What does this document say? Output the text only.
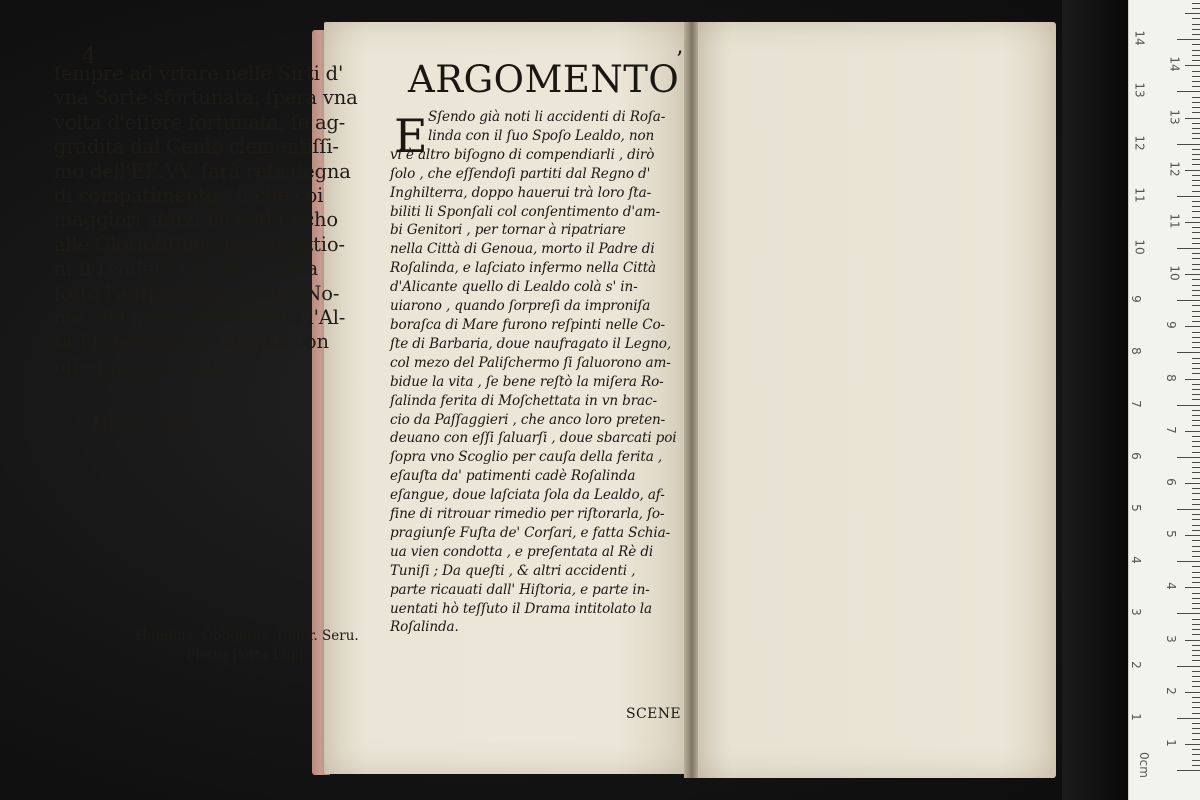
4
ſempre ad vrtare nelle Sirti d'
vna Sorte sfortunata, ſpera vna
volta d'eſſere fortunata, ſe ag-
gradita dal Genio clementiſſi-
mo dell'EE.VV. ſarà reſa degna
di compatimento , ſi che coi
maggiori sforzi facendo Echo
alle Glorioſiſſime Inuitte attio-
ni ſi renderà via più famoſa
ſotto l'auſpicatiſsimo loro No-
me, del quale implorando l'Al-
ta Protettione ſi raſegna con
oſſequio profondo
Di VV. EE.
Humiliſs. Obligatiſs. Riuer. Seru.
Pietro Porta Lupi.
ARGOMENTO
’
E Sſendo già noti li accidenti di Roſa-
linda con il ſuo Spoſo Lealdo, non
vi è altro biſogno di compendiarli , dirò
ſolo , che eſſendoſi partiti dal Regno d'
Inghilterra, doppo hauerui trà loro ſta-
biliti li Sponſali col conſentimento d'am-
bi Genitori , per tornar à ripatriare
nella Città di Genoua, morto il Padre di
Roſalinda, e laſciato infermo nella Città
d'Alicante quello di Lealdo colà s' in-
uiarono , quando ſorpreſi da improniſa
boraſca di Mare furono reſpinti nelle Co-
ſte di Barbaria, doue naufragato il Legno,
col mezo del Paliſchermo ſi ſaluorono am-
bidue la vita , ſe bene reſtò la miſera Ro-
ſalinda ferita di Moſchettata in vn brac-
cio da Paſſaggieri , che anco loro preten-
deuano con eſſi ſaluarſi , doue sbarcati poi
ſopra vno Scoglio per cauſa della ferita ,
eſauſta da' patimenti cadè Roſalinda
eſangue, doue laſciata ſola da Lealdo, af-
fine di ritrouar rimedio per riſtorarla, ſo-
pragiunſe Fuſta de' Corſari, e fatta Schia-
ua vien condotta , e preſentata al Rè di
Tuniſi ; Da queſti , & altri accidenti ,
parte ricauati dall' Hiſtoria, e parte in-
uentati hò teſſuto il Drama intitolato la
Roſalinda.
SCENE
0cm
1
1
2
2
3
3
4
4
5
5
6
6
7
7
8
8
9
9
10
10
11
11
12
12
13
13
14
14
